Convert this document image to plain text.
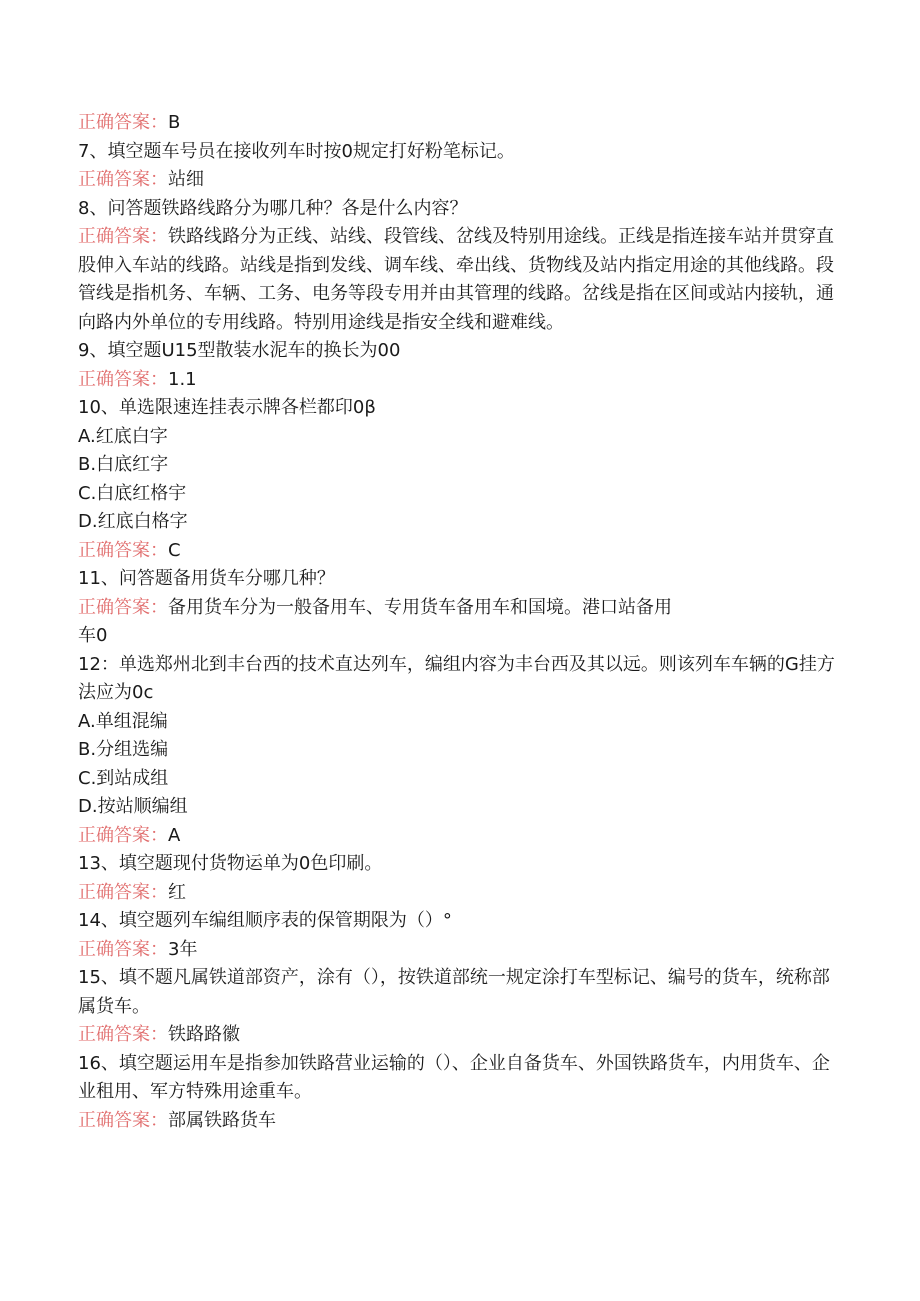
正确答案：B

7、填空题车号员在接收列车时按0规定打好粉笔标记。

正确答案：站细

8、问答题铁路线路分为哪几种？各是什么内容？

正确答案：铁路线路分为正线、站线、段管线、岔线及特别用途线。正线是指连接车站并贯穿直股伸入车站的线路。站线是指到发线、调车线、牵出线、货物线及站内指定用途的其他线路。段管线是指机务、车辆、工务、电务等段专用并由其管理的线路。岔线是指在区间或站内接轨，通向路内外单位的专用线路。特别用途线是指安全线和避难线。

9、填空题U15型散装水泥车的换长为00

正确答案：1.1

10、单选限速连挂表示牌各栏都印0β

A.红底白字

B.白底红字

C.白底红格宇

D.红底白格字

正确答案：C

11、问答题备用货车分哪几种？

正确答案：备用货车分为一般备用车、专用货车备用车和国境。港口站备用

车0

12：单选郑州北到丰台西的技术直达列车，编组内容为丰台西及其以远。则该列车车辆的G挂方法应为0c

A.单组混编

B.分组选编

C.到站成组

D.按站顺编组

正确答案：A

13、填空题现付货物运单为0色印刷。

正确答案：红

14、填空题列车编组顺序表的保管期限为（）°

正确答案：3年

15、填不题凡属铁道部资产，涂有（），按铁道部统一规定涂打车型标记、编号的货车，统称部属货车。

正确答案：铁路路徽

16、填空题运用车是指参加铁路营业运输的（）、企业自备货车、外国铁路货车，内用货车、企业租用、军方特殊用途重车。

正确答案：部属铁路货车
